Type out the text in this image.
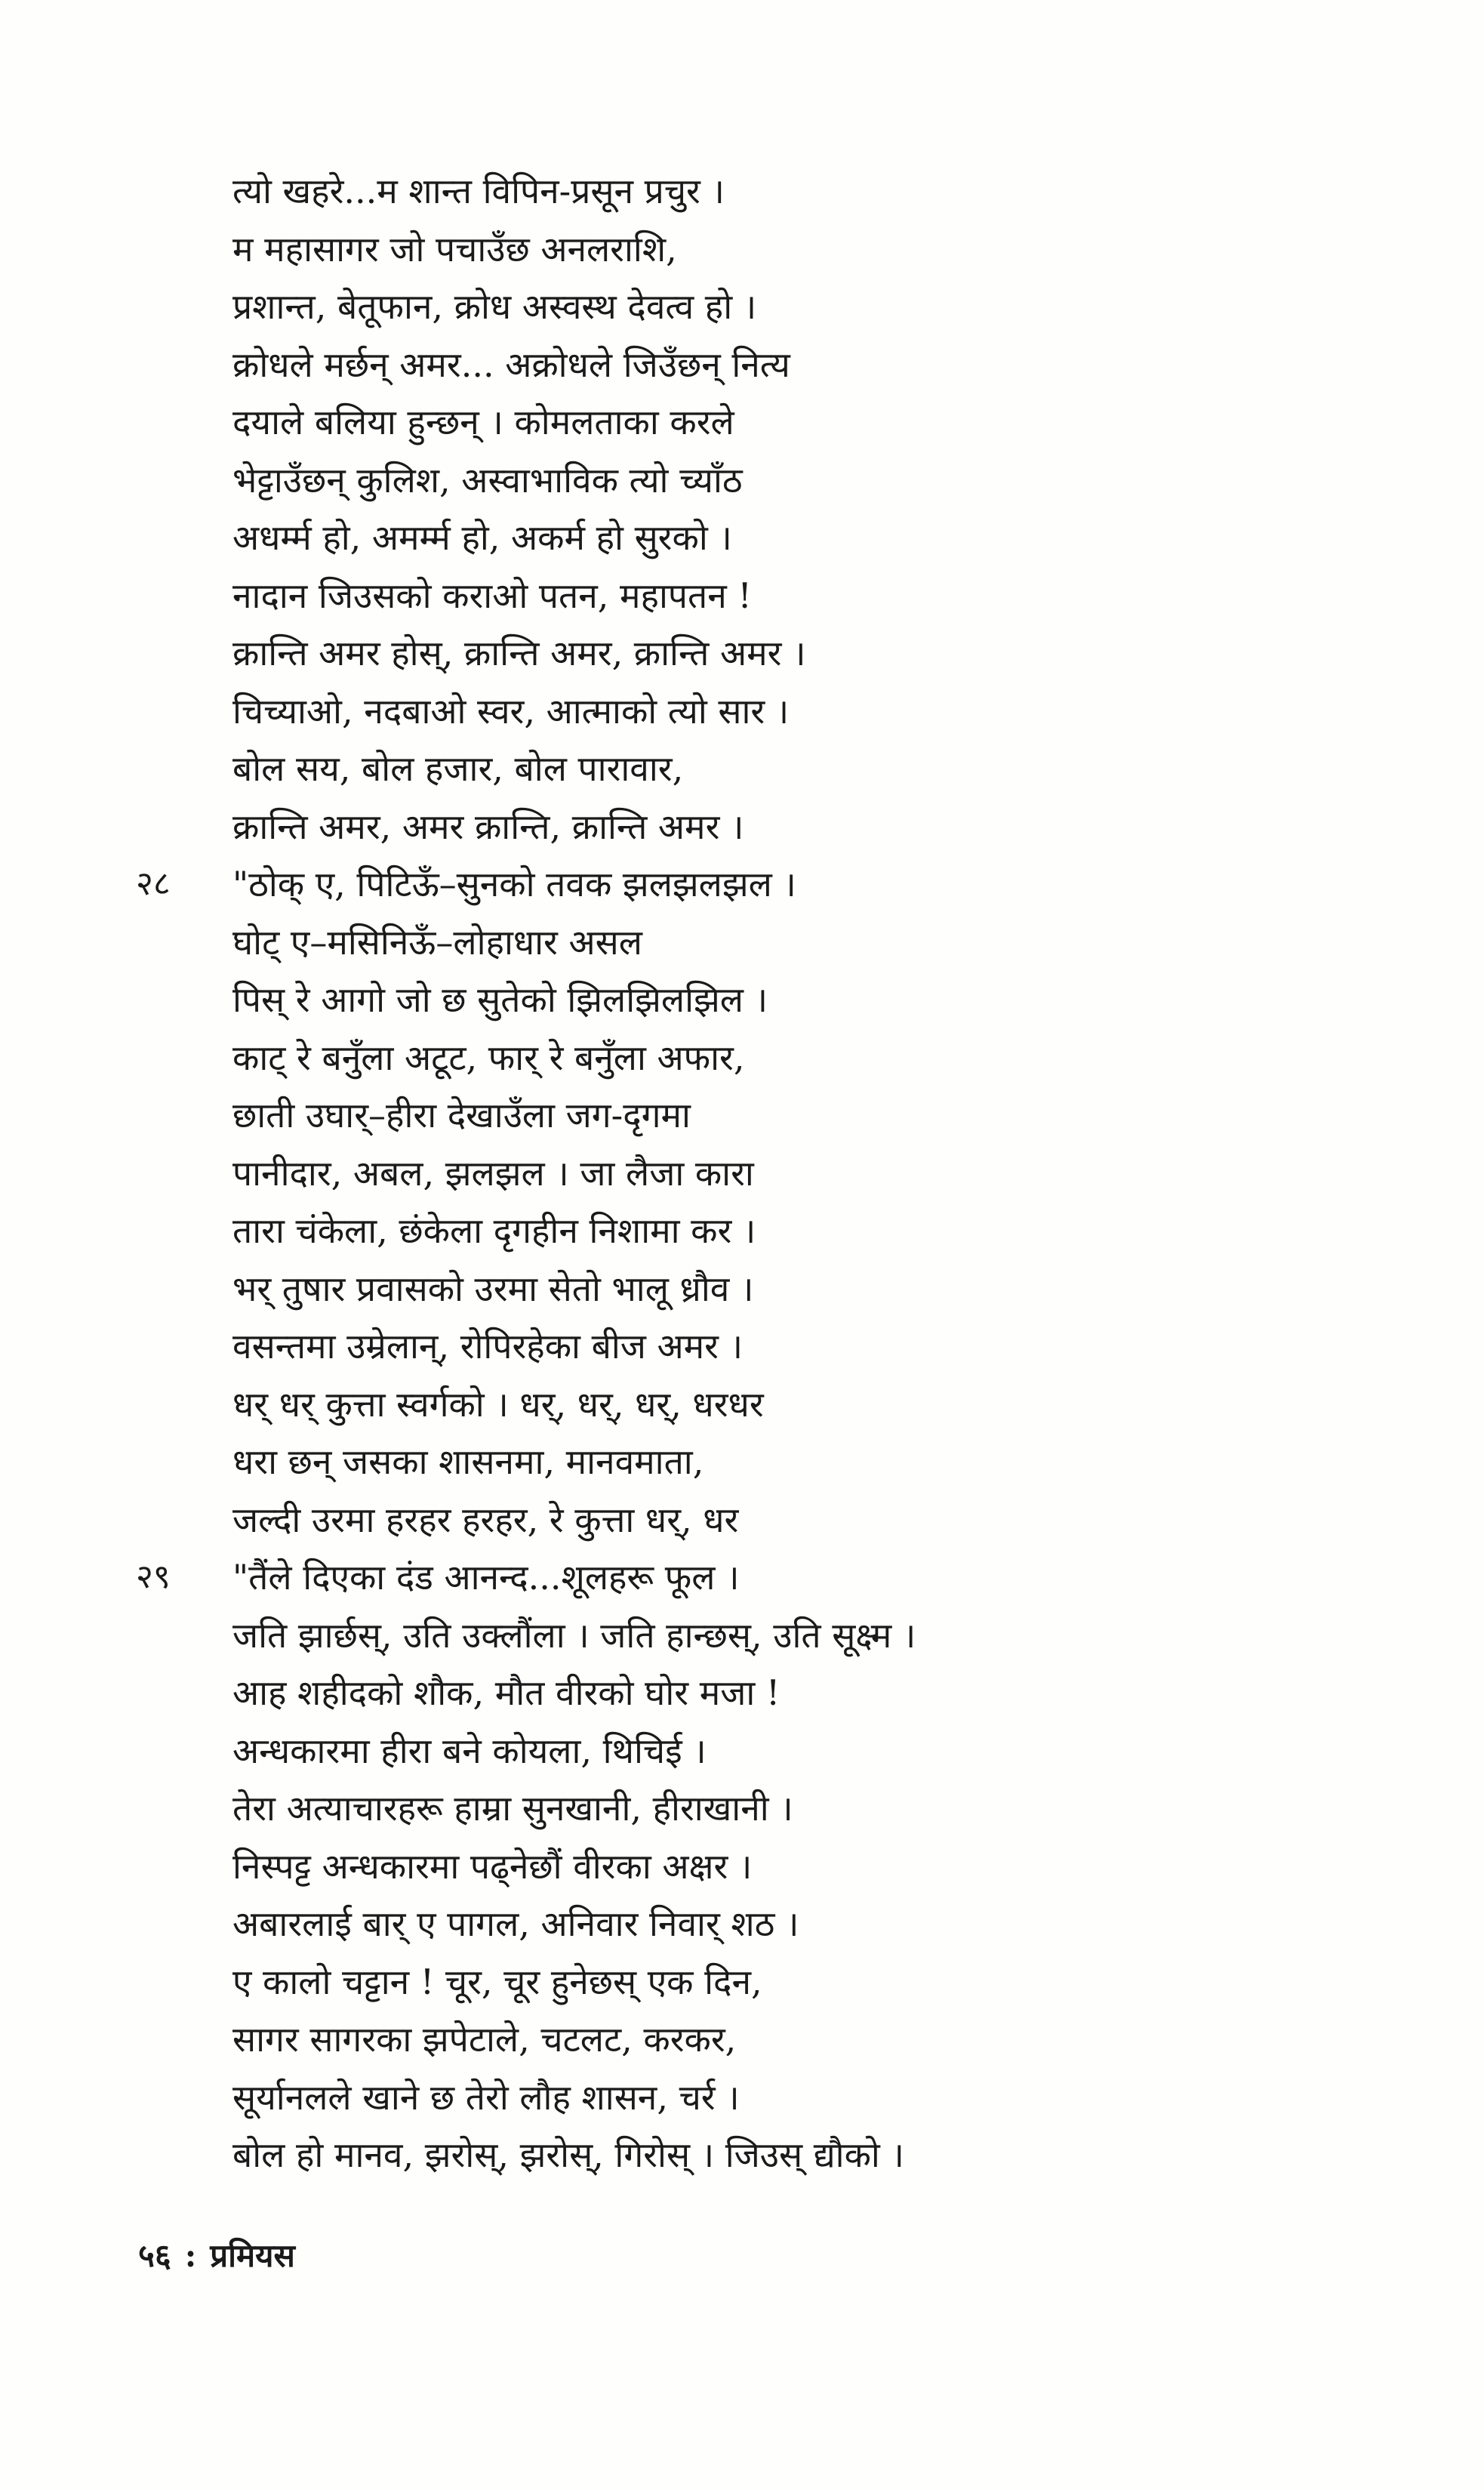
त्यो खहरे...म शान्त विपिन-प्रसून प्रचुर ।
म महासागर जो पचाउँछ अनलराशि,
प्रशान्त, बेतूफान, क्रोध अस्वस्थ देवत्व हो ।
क्रोधले मर्छन् अमर... अक्रोधले जिउँछन् नित्य
दयाले बलिया हुन्छन् । कोमलताका करले
भेट्टाउँछन् कुलिश, अस्वाभाविक त्यो च्याँठ
अधर्म्म हो, अमर्म्म हो, अकर्म हो सुरको ।
नादान जिउसको कराओ पतन, महापतन !
क्रान्ति अमर होस्, क्रान्ति अमर, क्रान्ति अमर ।
चिच्याओ, नदबाओ स्वर, आत्माको त्यो सार ।
बोल सय, बोल हजार, बोल पारावार,
क्रान्ति अमर, अमर क्रान्ति, क्रान्ति अमर ।
२८ "ठोक् ए, पिटिऊँ–सुनको तवक झलझलझल ।
घोट् ए–मसिनिऊँ–लोहाधार असल
पिस् रे आगो जो छ सुतेको झिलझिलझिल ।
काट् रे बनुँला अटूट, फार् रे बनुँला अफार,
छाती उघार्–हीरा देखाउँला जग-दृगमा
पानीदार, अबल, झलझल । जा लैजा कारा
तारा चंकेला, छंकेला दृगहीन निशामा कर ।
भर् तुषार प्रवासको उरमा सेतो भालू ध्रौव ।
वसन्तमा उम्रेलान्, रोपिरहेका बीज अमर ।
धर् धर् कुत्ता स्वर्गको । धर्, धर्, धर्, धरधर
धरा छन् जसका शासनमा, मानवमाता,
जल्दी उरमा हरहर हरहर, रे कुत्ता धर्, धर
२९ "तैंले दिएका दंड आनन्द...शूलहरू फूल ।
जति झार्छस्, उति उक्लौंला । जति हान्छस्, उति सूक्ष्म ।
आह शहीदको शौक, मौत वीरको घोर मजा !
अन्धकारमा हीरा बने कोयला, थिचिई ।
तेरा अत्याचारहरू हाम्रा सुनखानी, हीराखानी ।
निस्पट्ट अन्धकारमा पढ्नेछौं वीरका अक्षर ।
अबारलाई बार् ए पागल, अनिवार निवार् शठ ।
ए कालो चट्टान ! चूर, चूर हुनेछस् एक दिन,
सागर सागरका झपेटाले, चटलट, करकर,
सूर्यानलले खाने छ तेरो लौह शासन, चर्र ।
बोल हो मानव, झरोस्, झरोस्, गिरोस् । जिउस् द्यौको ।
५६ : प्रमियस
